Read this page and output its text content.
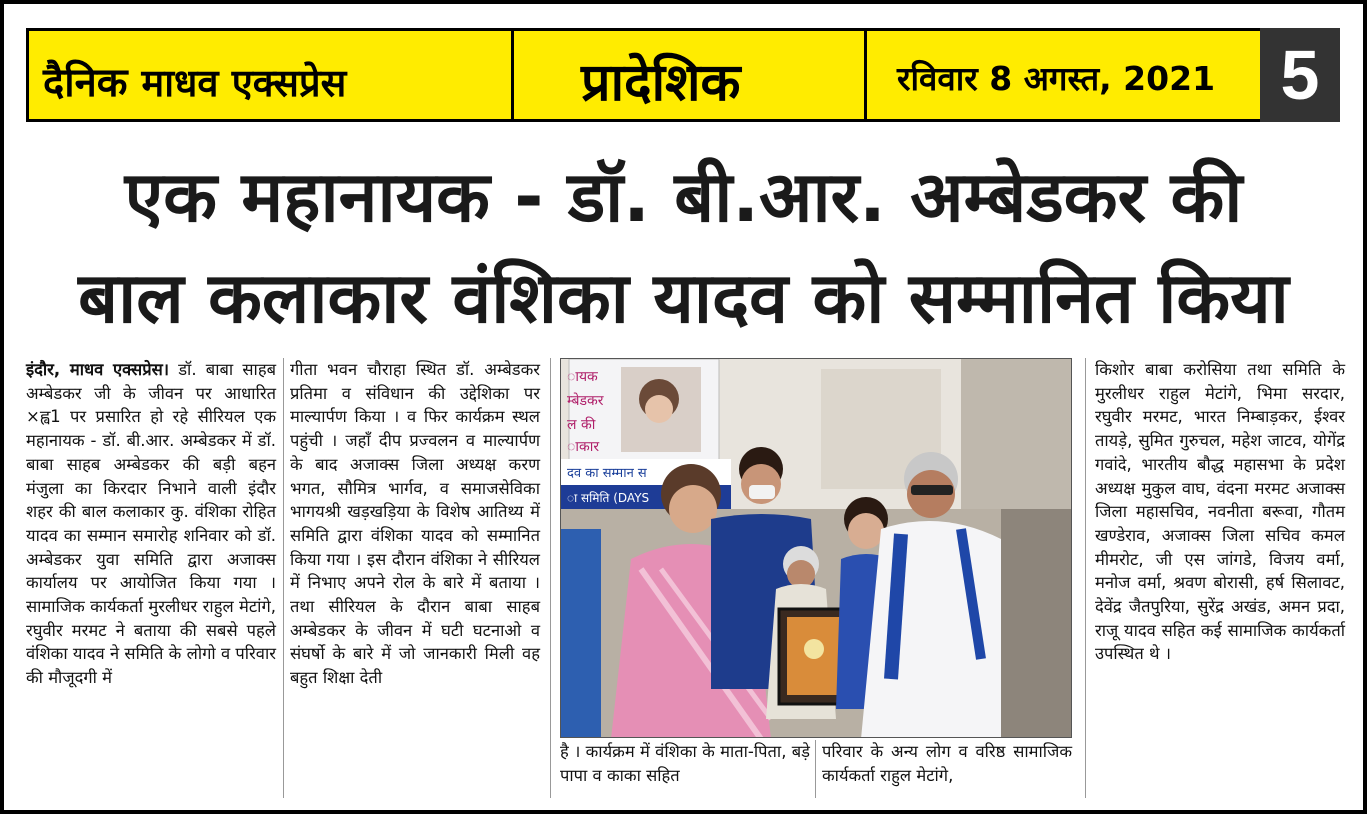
दैनिक माधव एक्सप्रेस	प्रादेशिक	रविवार 8 अगस्त, 2021 5
एक महानायक - डॉ. बी.आर. अम्बेडकर की
बाल कलाकार वंशिका यादव को सम्मानित किया

इंदौर, माधव एक्सप्रेस। डॉ. बाबा साहब अम्बेडकर जी के जीवन पर आधारित ×ह्व1 पर प्रसारित हो रहे सीरियल एक महानायक - डॉ. बी.आर. अम्बेडकर में डॉ. बाबा साहब अम्बेडकर की बड़ी बहन मंजुला का किरदार निभाने वाली इंदौर शहर की बाल कलाकार कु. वंशिका रोहित यादव का सम्मान समारोह शनिवार को डॉ. अम्बेडकर युवा समिति द्वारा अजाक्स कार्यालय पर आयोजित किया गया । सामाजिक कार्यकर्ता मुरलीधर राहुल मेटांगे, रघुवीर मरमट ने बताया की सबसे पहले वंशिका यादव ने समिति के लोगो व परिवार की मौजूदगी में

गीता भवन चौराहा स्थित डॉ. अम्बेडकर प्रतिमा व संविधान की उद्देशिका पर माल्यार्पण किया । व फिर कार्यक्रम स्थल पहुंची । जहाँ दीप प्रज्वलन व माल्यार्पण के बाद अजाक्स जिला अध्यक्ष करण भगत, सौमित्र भार्गव, व समाजसेविका भागयश्री खड़खड़िया के विशेष आतिथ्य में समिति द्वारा वंशिका यादव को सम्मानित किया गया । इस दौरान वंशिका ने सीरियल में निभाए अपने रोल के बारे में बताया । तथा सीरियल के दौरान बाबा साहब अम्बेडकर के जीवन में घटी घटनाओ व संघर्षो के बारे में जो जानकारी मिली वह बहुत शिक्षा देती

ायक
म्बेडकर
ल की
ाकार
दव का सम्मान स
ा समिति (DAYS
है । कार्यक्रम में वंशिका के माता-पिता, बड़े पापा व काका सहित
परिवार के अन्य लोग व वरिष्ठ सामाजिक कार्यकर्ता राहुल मेटांगे,

किशोर बाबा करोसिया तथा समिति के मुरलीधर राहुल मेटांगे, भिमा सरदार, रघुवीर मरमट, भारत निम्बाड़कर, ईश्वर तायड़े, सुमित गुरुचल, महेश जाटव, योगेंद्र गवांदे, भारतीय बौद्ध महासभा के प्रदेश अध्यक्ष मुकुल वाघ, वंदना मरमट अजाक्स जिला महासचिव, नवनीता बरूवा, गौतम खण्डेराव, अजाक्स जिला सचिव कमल मीमरोट, जी एस जांगडे, विजय वर्मा, मनोज वर्मा, श्रवण बोरासी, हर्ष सिलावट, देवेंद्र जैतपुरिया, सुरेंद्र अखंड, अमन प्रदा, राजू यादव सहित कई सामाजिक कार्यकर्ता उपस्थित थे ।
